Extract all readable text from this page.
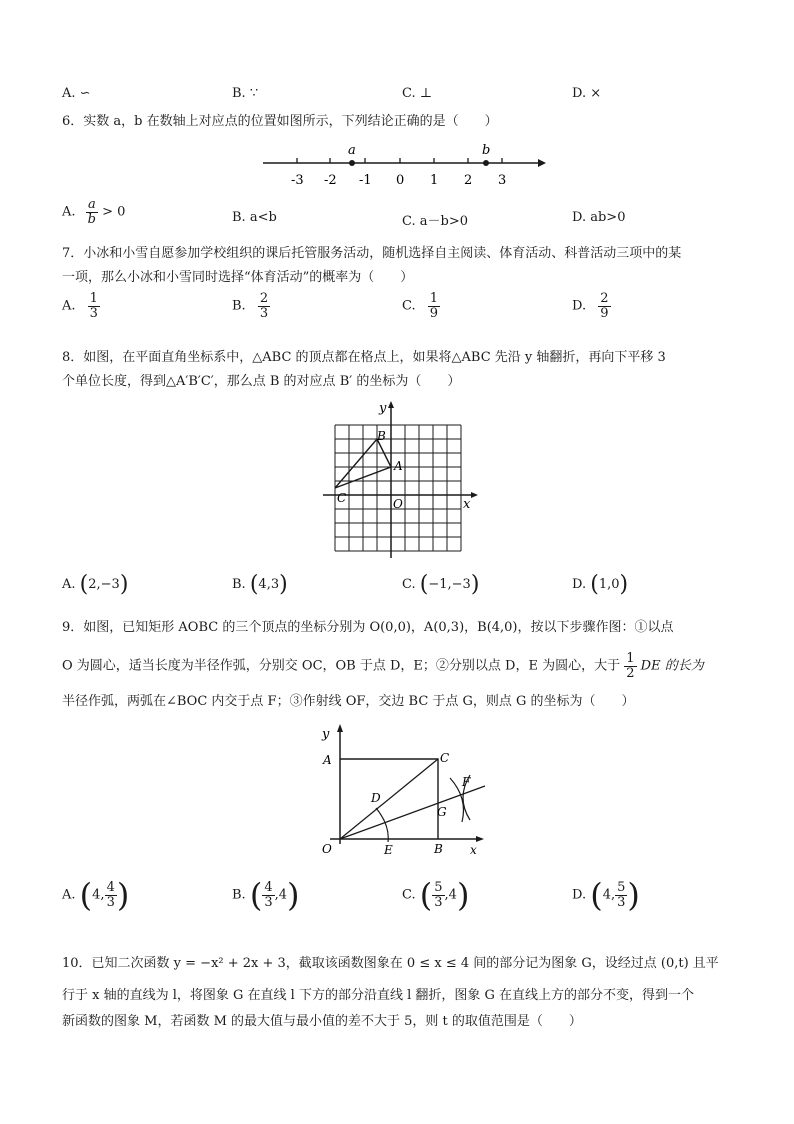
A. ∽	B. ∵	C. ⊥	D. ×
6．实数 a，b 在数轴上对应点的位置如图所示，下列结论正确的是（　　）
a	b
-3 -2 -1 0 1 2 3
A. $\frac{a}{b} > 0$	B. a<b	C. a－b>0	D. ab>0
7．小冰和小雪自愿参加学校组织的课后托管服务活动，随机选择自主阅读、体育活动、科普活动三项中的某
一项，那么小冰和小雪同时选择“体育活动”的概率为（　　）
A. $\frac{1}{3}$	B. $\frac{2}{3}$	C. $\frac{1}{9}$	D. $\frac{2}{9}$
8．如图，在平面直角坐标系中，△ABC 的顶点都在格点上，如果将△ABC 先沿 y 轴翻折，再向下平移 3
个单位长度，得到△A′B′C′，那么点 B 的对应点 B′ 的坐标为（　　）
y
x
B
A
C	O
A. (2,−3)	B. (4,3)	C. (−1,−3)	D. (1,0)
9．如图，已知矩形 AOBC 的三个顶点的坐标分别为 O(0,0)，A(0,3)，B(4,0)，按以下步骤作图：①以点
O 为圆心，适当长度为半径作弧，分别交 OC，OB 于点 D，E；②分别以点 D，E 为圆心，大于 $\frac{1}{2}$ DE 的长为
半径作弧，两弧在∠BOC 内交于点 F；③作射线 OF，交边 BC 于点 G，则点 G 的坐标为（　　）
y
A	C
D
F
G
O	E	B x
A. (4, $\frac{4}{3}$ )	B. ( $\frac{4}{3} ,4$)	C. ( $\frac{5}{3} ,4$)	D. (4, $\frac{5}{3}$ )
10．已知二次函数 y = −x² + 2x + 3，截取该函数图象在 0 ≤ x ≤ 4 间的部分记为图象 G，设经过点 (0,t) 且平
行于 x 轴的直线为 l，将图象 G 在直线 l 下方的部分沿直线 l 翻折，图象 G 在直线上方的部分不变，得到一个
新函数的图象 M，若函数 M 的最大值与最小值的差不大于 5，则 t 的取值范围是（　　）
